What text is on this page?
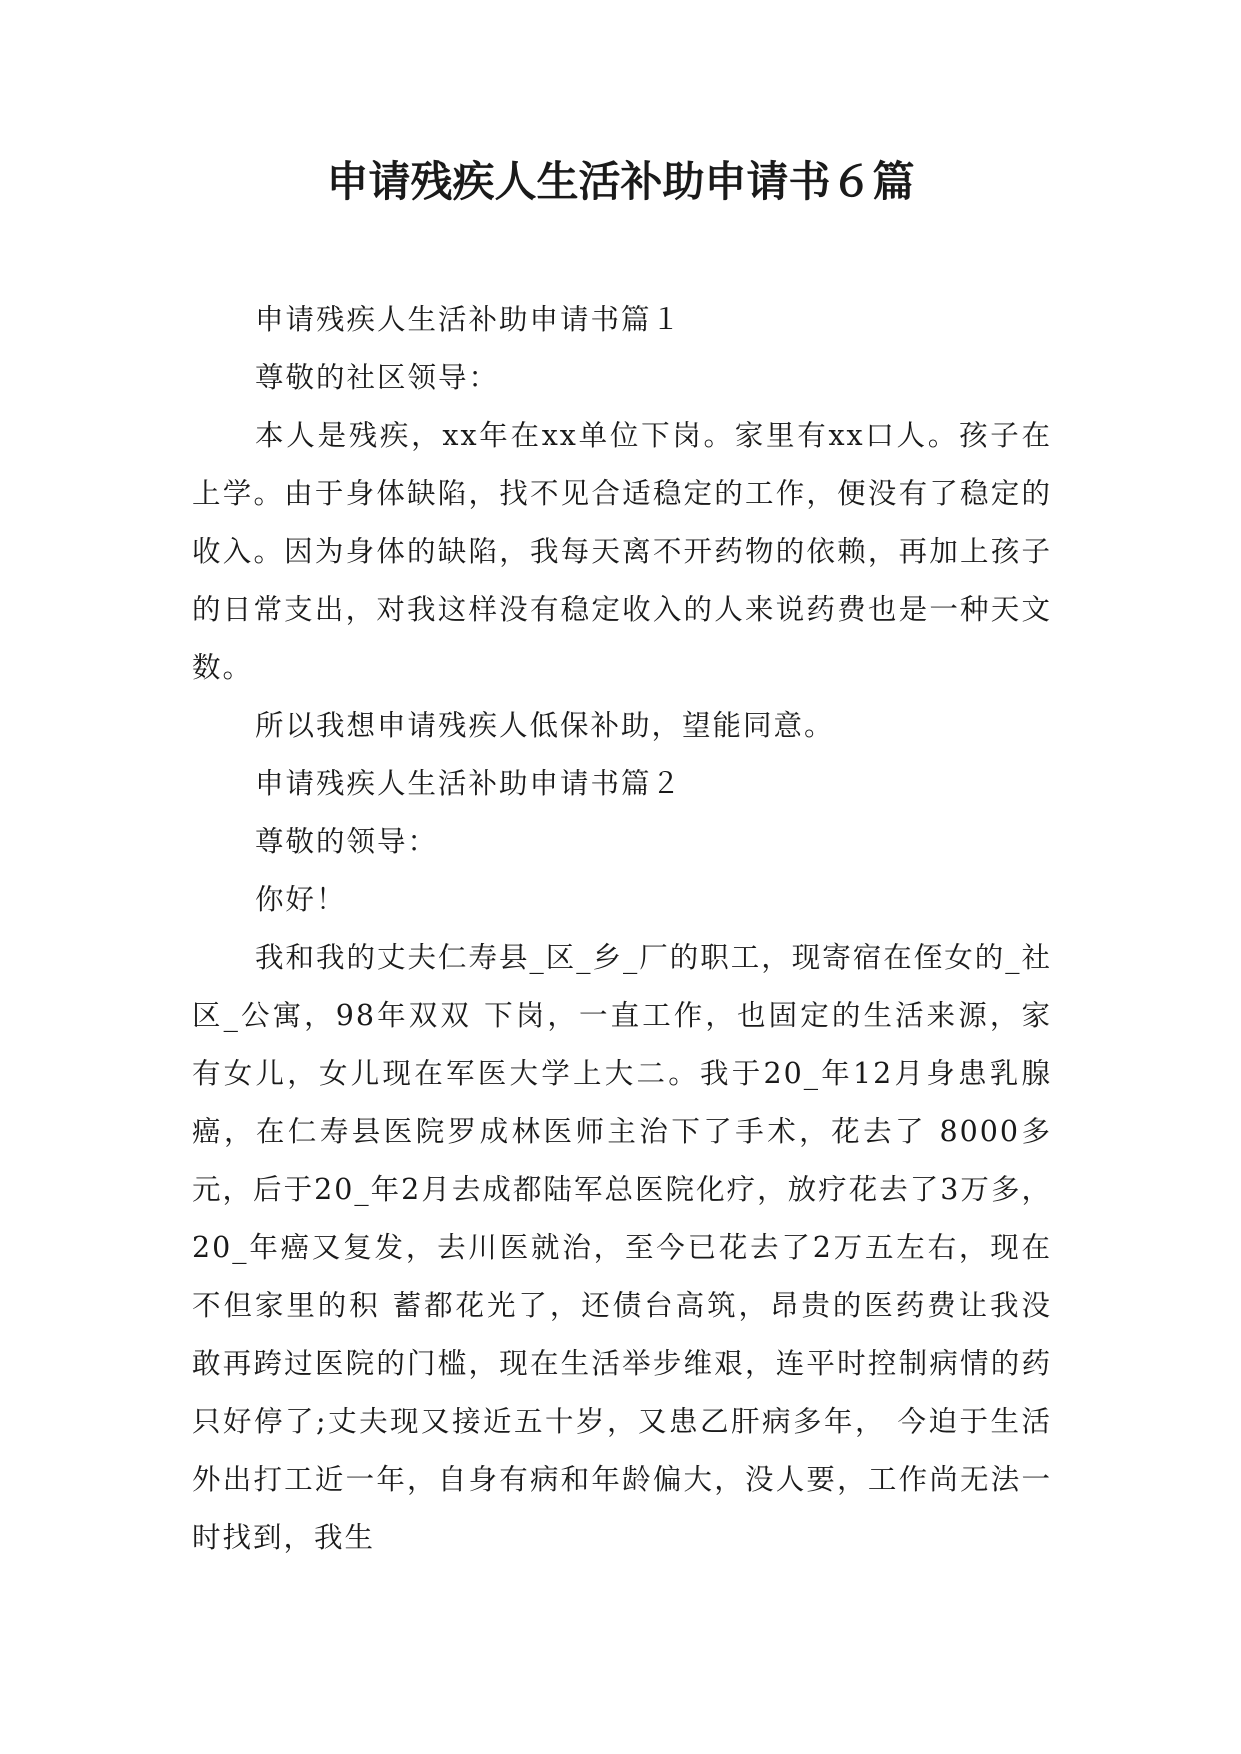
申请残疾人生活补助申请书６篇

申请残疾人生活补助申请书篇１

尊敬的社区领导：

本人是残疾，xx年在xx单位下岗。家里有xx口人。孩子在上学。由于身体缺陷，找不见合适稳定的工作，便没有了稳定的收入。因为身体的缺陷，我每天离不开药物的依赖，再加上孩子的日常支出，对我这样没有稳定收入的人来说药费也是一种天文数。

所以我想申请残疾人低保补助，望能同意。

申请残疾人生活补助申请书篇２

尊敬的领导：

你好！

我和我的丈夫仁寿县_区_乡_厂的职工，现寄宿在侄女的_社区_公寓，98年双双 下岗，一直工作，也固定的生活来源，家有女儿，女儿现在军医大学上大二。我于20_年12月身患乳腺癌，在仁寿县医院罗成林医师主治下了手术，花去了 8000多元，后于20_年2月去成都陆军总医院化疗，放疗花去了3万多，20_年癌又复发，去川医就治，至今已花去了2万五左右，现在不但家里的积 蓄都花光了，还债台高筑，昂贵的医药费让我没敢再跨过医院的门槛，现在生活举步维艰，连平时控制病情的药只好停了;丈夫现又接近五十岁，又患乙肝病多年， 今迫于生活外出打工近一年，自身有病和年龄偏大，没人要，工作尚无法一时找到，我生
